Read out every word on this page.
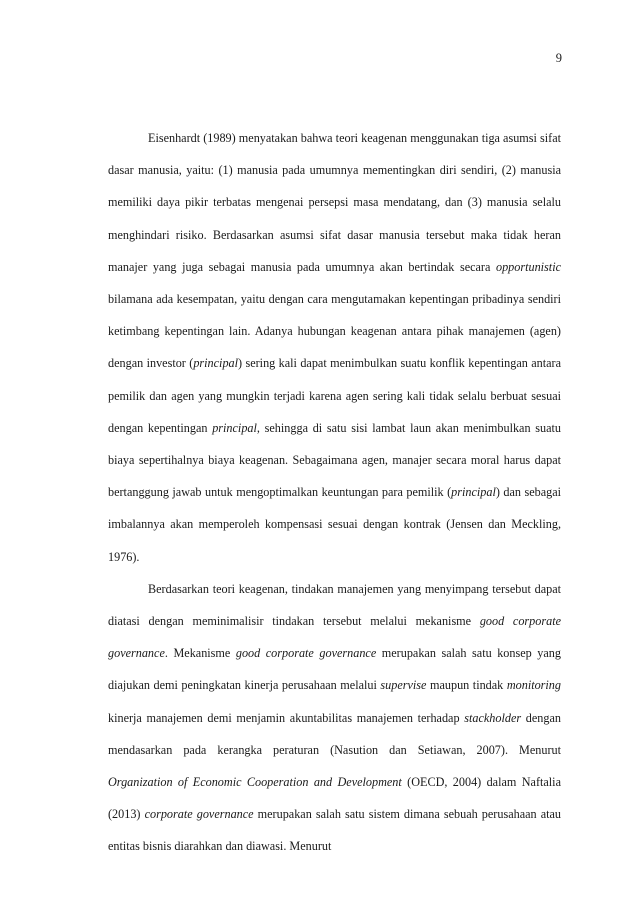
9

Eisenhardt (1989) menyatakan bahwa teori keagenan menggunakan tiga asumsi sifat dasar manusia, yaitu: (1) manusia pada umumnya mementingkan diri sendiri, (2) manusia memiliki daya pikir terbatas mengenai persepsi masa mendatang, dan (3) manusia selalu menghindari risiko. Berdasarkan asumsi sifat dasar manusia tersebut maka tidak heran manajer yang juga sebagai manusia pada umumnya akan bertindak secara opportunistic bilamana ada kesempatan, yaitu dengan cara mengutamakan kepentingan pribadinya sendiri ketimbang kepentingan lain. Adanya hubungan keagenan antara pihak manajemen (agen) dengan investor (principal) sering kali dapat menimbulkan suatu konflik kepentingan antara pemilik dan agen yang mungkin terjadi karena agen sering kali tidak selalu berbuat sesuai dengan kepentingan principal, sehingga di satu sisi lambat laun akan menimbulkan suatu biaya sepertihalnya biaya keagenan. Sebagaimana agen, manajer secara moral harus dapat bertanggung jawab untuk mengoptimalkan keuntungan para pemilik (principal) dan sebagai imbalannya akan memperoleh kompensasi sesuai dengan kontrak (Jensen dan Meckling, 1976).

Berdasarkan teori keagenan, tindakan manajemen yang menyimpang tersebut dapat diatasi dengan meminimalisir tindakan tersebut melalui mekanisme good corporate governance. Mekanisme good corporate governance merupakan salah satu konsep yang diajukan demi peningkatan kinerja perusahaan melalui supervise maupun tindak monitoring kinerja manajemen demi menjamin akuntabilitas manajemen terhadap stackholder dengan mendasarkan pada kerangka peraturan (Nasution dan Setiawan, 2007). Menurut Organization of Economic Cooperation and Development (OECD, 2004) dalam Naftalia (2013) corporate governance merupakan salah satu sistem dimana sebuah perusahaan atau entitas bisnis diarahkan dan diawasi. Menurut
